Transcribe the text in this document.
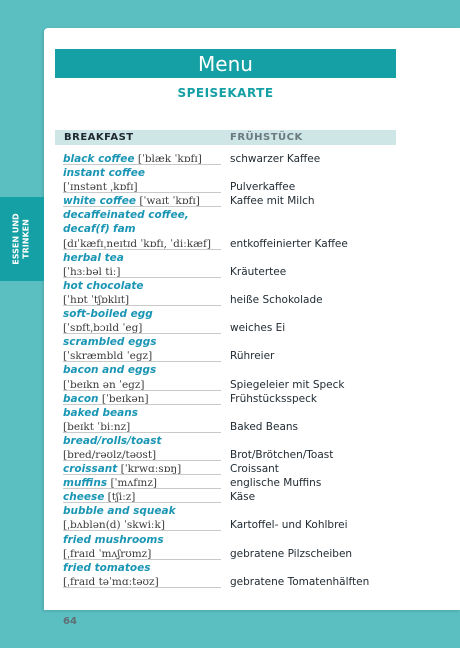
Menu
SPEISEKARTE
BREAKFAST	FRÜHSTÜCK
black coffee [ˈblæk ˈkɒfɪ]	schwarzer Kaffee
instant coffee
[ˈɪnstənt ˌkɒfɪ]	Pulverkaffee
white coffee [ˈwaɪt ˈkɒfɪ]	Kaffee mit Milch
decaffeinated coffee,
decaf(f) fam
[dɪˈkæfɪˌneɪtɪd ˈkɒfɪ, ˈdiːkæf]	entkoffeinierter Kaffee
herbal tea
[ˈhɜːbəl tiː]	Kräutertee
hot chocolate
[ˈhɒt ˈtʃɒklɪt]	heiße Schokolade
soft-boiled egg
[ˈsɒftˌbɔɪld ˈeg]	weiches Ei
scrambled eggs
[ˈskræmbld ˈegz]	Rühreier
bacon and eggs
[ˈbeɪkn ən ˈegz]	Spiegeleier mit Speck
bacon [ˈbeɪkən]	Frühstücksspeck
baked beans
[beɪkt ˈbiːnz]	Baked Beans
bread/rolls/toast
[bred/rəʊlz/təʊst]	Brot/Brötchen/Toast
croissant [ˈkrwɑːsɒŋ]	Croissant
muffins [ˈmʌfɪnz]	englische Muffins
cheese [tʃiːz]	Käse
bubble and squeak
[ˌbʌblən(d) ˈskwiːk]	Kartoffel- und Kohlbrei
fried mushrooms
[ˌfraɪd ˈmʌʃrʊmz]	gebratene Pilzscheiben
fried tomatoes
[ˌfraɪd təˈmɑːtəʊz]	gebratene Tomatenhälften
64
ESSEN UND TRINKEN
